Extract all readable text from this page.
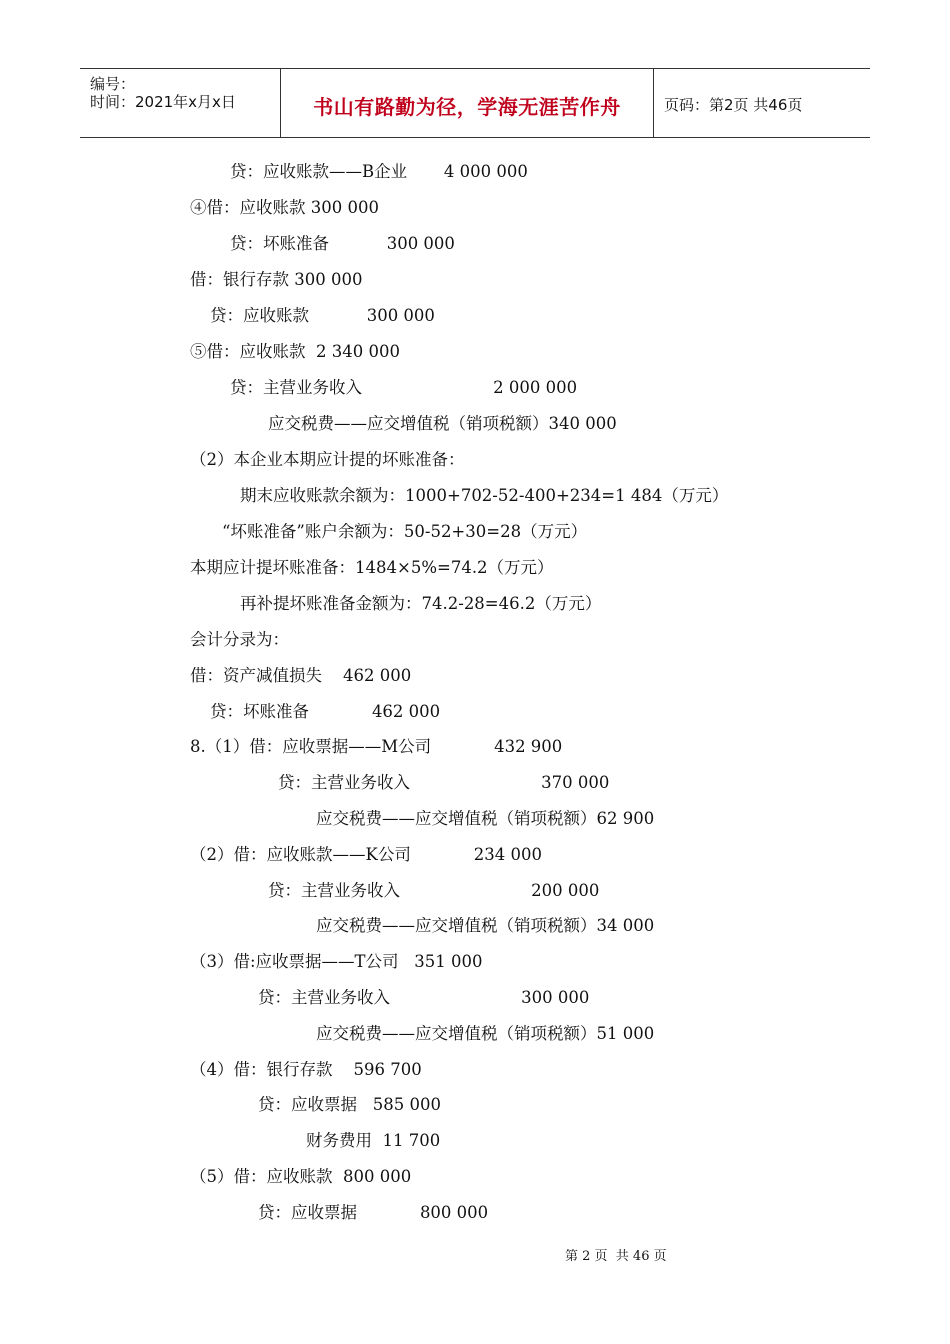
编号：
时间：2021年x月x日	书山有路勤为径，学海无涯苦作舟	页码：第2页 共46页
贷：应收账款——B企业       4 000 000
④借：应收账款 300 000
贷：坏账准备           300 000
借：银行存款 300 000
贷：应收账款           300 000
⑤借：应收账款  2 340 000
贷：主营业务收入                         2 000 000
应交税费——应交增值税（销项税额）340 000
（2）本企业本期应计提的坏账准备：
期末应收账款余额为：1000+702-52-400+234=1 484（万元）
“坏账准备”账户余额为：50-52+30=28（万元）
本期应计提坏账准备：1484×5%=74.2（万元）
再补提坏账准备金额为：74.2-28=46.2（万元）
会计分录为：
借：资产减值损失    462 000
贷：坏账准备            462 000
8.（1）借：应收票据——M公司            432 900
贷：主营业务收入                         370 000
应交税费——应交增值税（销项税额）62 900
（2）借：应收账款——K公司            234 000
贷：主营业务收入                         200 000
应交税费——应交增值税（销项税额）34 000
（3）借:应收票据——T公司   351 000
贷：主营业务收入                         300 000
应交税费——应交增值税（销项税额）51 000
（4）借：银行存款    596 700
贷：应收票据   585 000
财务费用  11 700
（5）借：应收账款  800 000
贷：应收票据            800 000
第 2 页  共 46 页
